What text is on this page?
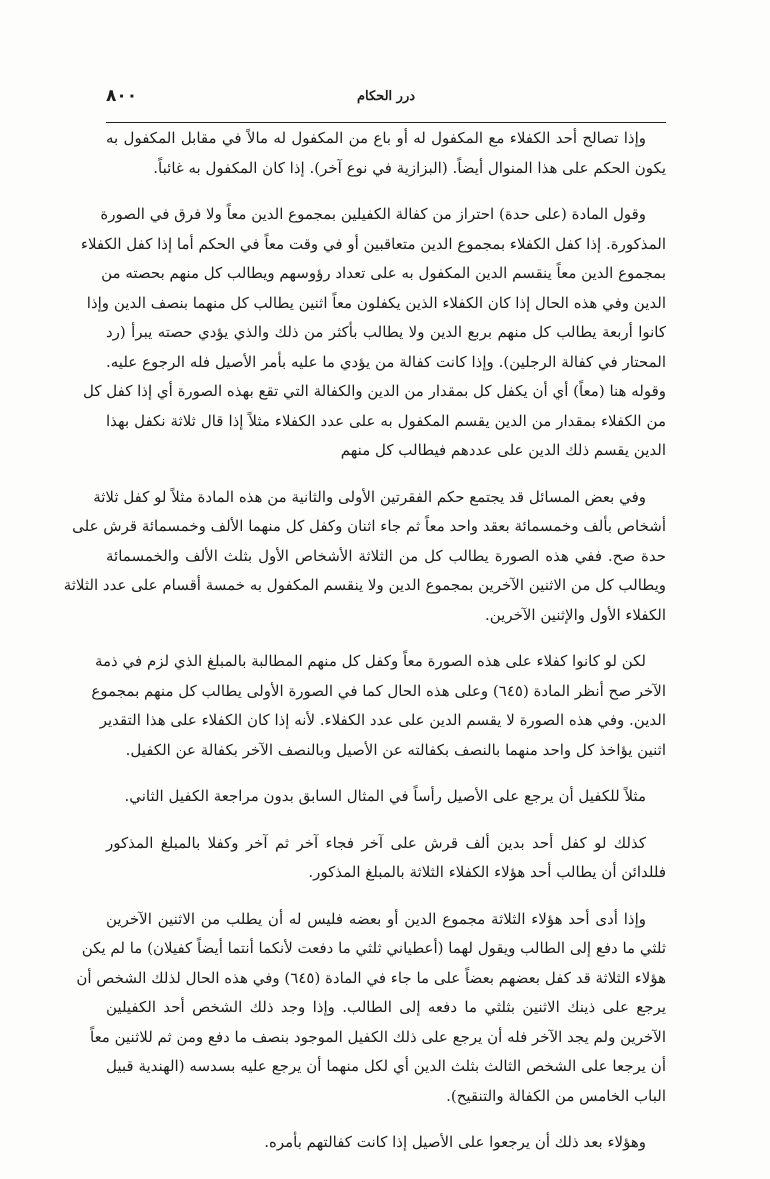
٨٠٠	درر الحكام
وإذا تصالح أحد الكفلاء مع المكفول له أو باع من المكفول له مالاً في مقابل المكفول به
يكون الحكم على هذا المنوال أيضاً. (البزازية في نوع آخر). إذا كان المكفول به غائباً.
وقول المادة (على حدة) احتراز من كفالة الكفيلين بمجموع الدين معاً ولا فرق في الصورة
المذكورة. إذا كفل الكفلاء بمجموع الدين متعاقبين أو في وقت معاً في الحكم أما إذا كفل الكفلاء
بمجموع الدين معاً ينقسم الدين المكفول به على تعداد رؤوسهم ويطالب كل منهم بحصته من
الدين وفي هذه الحال إذا كان الكفلاء الذين يكفلون معاً اثنين يطالب كل منهما بنصف الدين وإذا
كانوا أربعة يطالب كل منهم بربع الدين ولا يطالب بأكثر من ذلك والذي يؤدي حصته يبرأ (رد
المحتار في كفالة الرجلين). وإذا كانت كفالة من يؤدي ما عليه بأمر الأصيل فله الرجوع عليه.
وقوله هنا (معاً) أي أن يكفل كل بمقدار من الدين والكفالة التي تقع بهذه الصورة أي إذا كفل كل
من الكفلاء بمقدار من الدين يقسم المكفول به على عدد الكفلاء مثلاً إذا قال ثلاثة نكفل بهذا
الدين يقسم ذلك الدين على عددهم فيطالب كل منهم
وفي بعض المسائل قد يجتمع حكم الفقرتين الأولى والثانية من هذه المادة مثلاً لو كفل ثلاثة
أشخاص بألف وخمسمائة بعقد واحد معاً ثم جاء اثنان وكفل كل منهما الألف وخمسمائة قرش على
حدة صح. ففي هذه الصورة يطالب كل من الثلاثة الأشخاص الأول بثلث الألف والخمسمائة
ويطالب كل من الاثنين الآخرين بمجموع الدين ولا ينقسم المكفول به خمسة أقسام على عدد الثلاثة
الكفلاء الأول والإثنين الآخرين.
لكن لو كانوا كفلاء على هذه الصورة معاً وكفل كل منهم المطالبة بالمبلغ الذي لزم في ذمة
الآخر صح أنظر المادة (٦٤٥) وعلى هذه الحال كما في الصورة الأولى يطالب كل منهم بمجموع
الدين. وفي هذه الصورة لا يقسم الدين على عدد الكفلاء. لأنه إذا كان الكفلاء على هذا التقدير
اثنين يؤاخذ كل واحد منهما بالنصف بكفالته عن الأصيل وبالنصف الآخر بكفالة عن الكفيل.
مثلاً للكفيل أن يرجع على الأصيل رأساً في المثال السابق بدون مراجعة الكفيل الثاني.
كذلك لو كفل أحد بدين ألف قرش على آخر فجاء آخر ثم آخر وكفلا بالمبلغ المذكور
فللدائن أن يطالب أحد هؤلاء الكفلاء الثلاثة بالمبلغ المذكور.
وإذا أدى أحد هؤلاء الثلاثة مجموع الدين أو بعضه فليس له أن يطلب من الاثنين الآخرين
ثلثي ما دفع إلى الطالب ويقول لهما (أعطياني ثلثي ما دفعت لأنكما أنتما أيضاً كفيلان) ما لم يكن
هؤلاء الثلاثة قد كفل بعضهم بعضاً على ما جاء في المادة (٦٤٥) وفي هذه الحال لذلك الشخص أن
يرجع على ذينك الاثنين بثلثي ما دفعه إلى الطالب. وإذا وجد ذلك الشخص أحد الكفيلين
الآخرين ولم يجد الآخر فله أن يرجع على ذلك الكفيل الموجود بنصف ما دفع ومن ثم للاثنين معاً
أن يرجعا على الشخص الثالث بثلث الدين أي لكل منهما أن يرجع عليه بسدسه (الهندية قبيل
الباب الخامس من الكفالة والتنقيح).
وهؤلاء بعد ذلك أن يرجعوا على الأصيل إذا كانت كفالتهم بأمره.
